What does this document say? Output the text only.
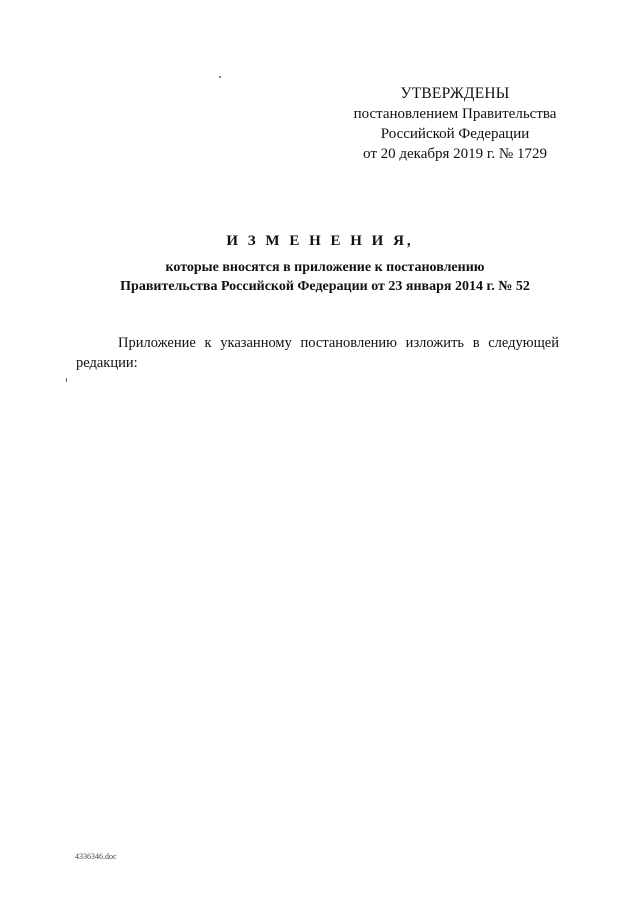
УТВЕРЖДЕНЫ
постановлением Правительства
Российской Федерации
от 20 декабря 2019 г. № 1729
И З М Е Н Е Н И Я,
которые вносятся в приложение к постановлению
Правительства Российской Федерации от 23 января 2014 г. № 52
Приложение к указанному постановлению изложить в следующей редакции:
4336346.doc
